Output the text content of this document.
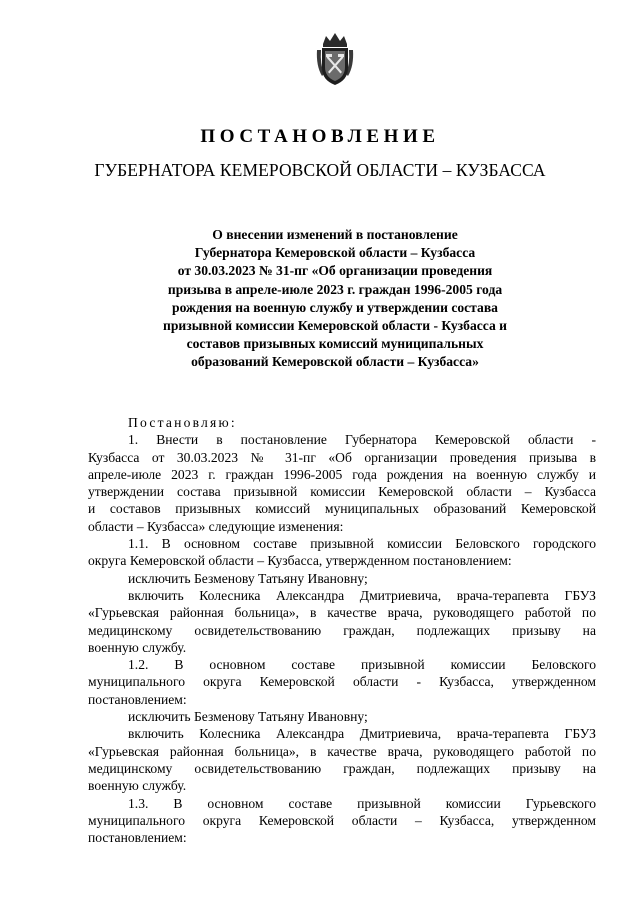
ПОСТАНОВЛЕНИЕ
ГУБЕРНАТОРА КЕМЕРОВСКОЙ ОБЛАСТИ – КУЗБАССА
О внесении изменений в постановление
Губернатора Кемеровской области – Кузбасса
от 30.03.2023 № 31-пг «Об организации проведения
призыва в апреле-июле 2023 г. граждан 1996-2005 года
рождения на военную службу и утверждении состава
призывной комиссии Кемеровской области - Кузбасса и
составов призывных комиссий муниципальных
образований Кемеровской области – Кузбасса»

Постановляю:

1. Внести в постановление Губернатора Кемеровской области -

Кузбасса от 30.03.2023 № 31-пг «Об организации проведения призыва в

апреле-июле 2023 г. граждан 1996-2005 года рождения на военную службу и

утверждении состава призывной комиссии Кемеровской области – Кузбасса

и составов призывных комиссий муниципальных образований Кемеровской

области – Кузбасса» следующие изменения:

1.1. В основном составе призывной комиссии Беловского городского

округа Кемеровской области – Кузбасса, утвержденном постановлением:

исключить Безменову Татьяну Ивановну;

включить Колесника Александра Дмитриевича, врача-терапевта ГБУЗ

«Гурьевская районная больница», в качестве врача, руководящего работой по

медицинскому освидетельствованию граждан, подлежащих призыву на

военную службу.

1.2. В основном составе призывной комиссии Беловского

муниципального округа Кемеровской области - Кузбасса, утвержденном

постановлением:

исключить Безменову Татьяну Ивановну;

включить Колесника Александра Дмитриевича, врача-терапевта ГБУЗ

«Гурьевская районная больница», в качестве врача, руководящего работой по

медицинскому освидетельствованию граждан, подлежащих призыву на

военную службу.

1.3. В основном составе призывной комиссии Гурьевского

муниципального округа Кемеровской области – Кузбасса, утвержденном

постановлением:
